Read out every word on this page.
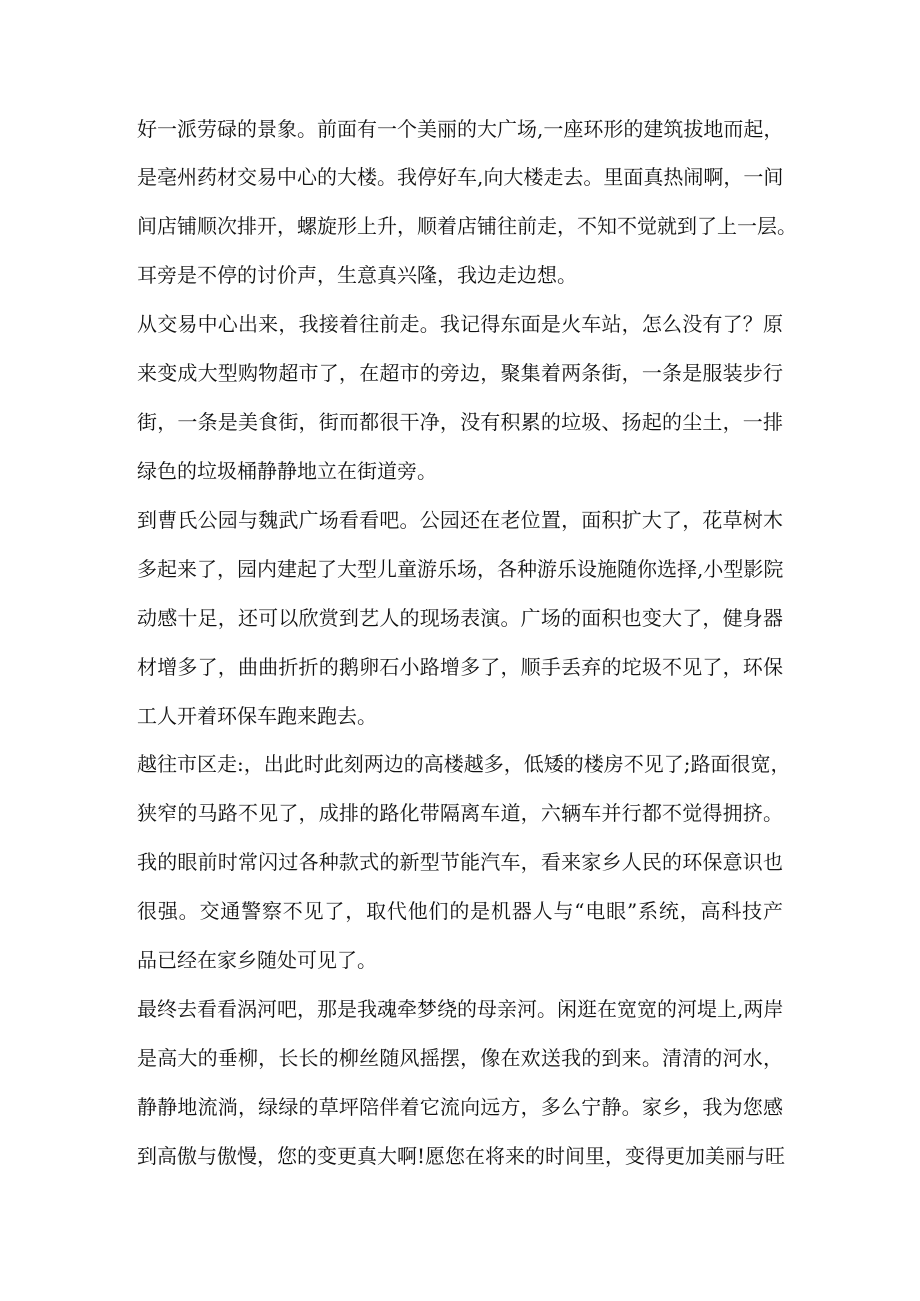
好一派劳碌的景象。前面有一个美丽的大广场,一座环形的建筑拔地而起，
是亳州药材交易中心的大楼。我停好车,向大楼走去。里面真热闹啊，一间
间店铺顺次排开，螺旋形上升，顺着店铺往前走，不知不觉就到了上一层。
耳旁是不停的讨价声，生意真兴隆，我边走边想。
从交易中心出来，我接着往前走。我记得东面是火车站，怎么没有了？原
来变成大型购物超市了，在超市的旁边，聚集着两条街，一条是服装步行
街，一条是美食街，街而都很干净，没有积累的垃圾、扬起的尘土，一排
绿色的垃圾桶静静地立在街道旁。
到曹氏公园与魏武广场看看吧。公园还在老位置，面积扩大了，花草树木
多起来了，园内建起了大型儿童游乐场，各种游乐设施随你选择,小型影院
动感十足，还可以欣赏到艺人的现场表演。广场的面积也变大了，健身器
材增多了，曲曲折折的鹅卵石小路增多了，顺手丢弃的坨圾不见了，环保
工人开着环保车跑来跑去。
越往市区走:，出此时此刻两边的高楼越多，低矮的楼房不见了;路面很宽，
狭窄的马路不见了，成排的路化带隔离车道，六辆车并行都不觉得拥挤。
我的眼前时常闪过各种款式的新型节能汽车，看来家乡人民的环保意识也
很强。交通警察不见了，取代他们的是机器人与“电眼”系统，高科技产
品已经在家乡随处可见了。
最终去看看涡河吧，那是我魂牵梦绕的母亲河。闲逛在宽宽的河堤上,两岸
是高大的垂柳，长长的柳丝随风摇摆，像在欢送我的到来。清清的河水，
静静地流淌，绿绿的草坪陪伴着它流向远方，多么宁静。家乡，我为您感
到高傲与傲慢，您的变更真大啊!愿您在将来的时间里，变得更加美丽与旺
